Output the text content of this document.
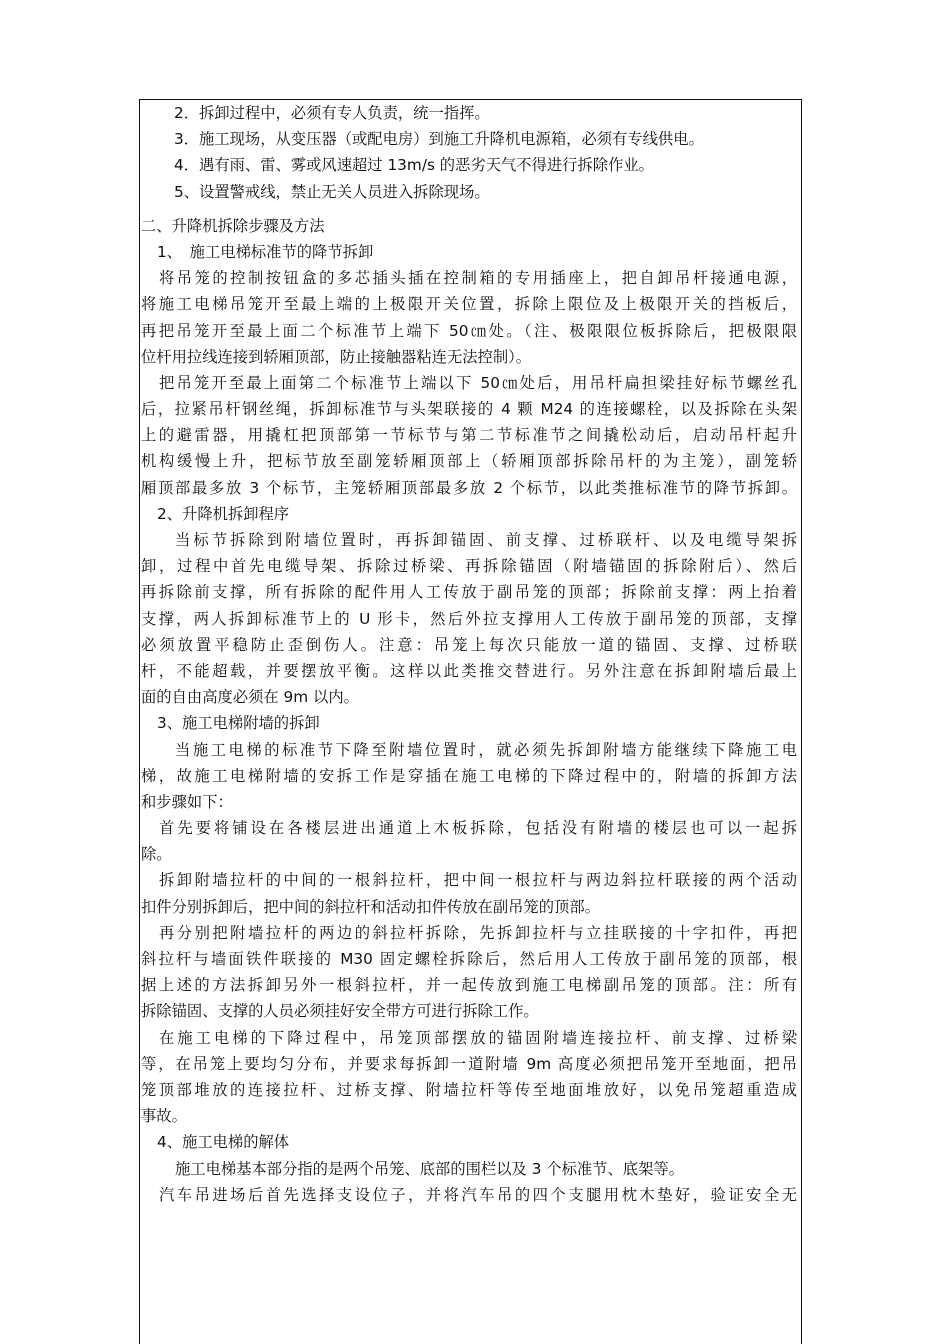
2．拆卸过程中，必须有专人负责，统一指挥。
3．施工现场，从变压器（或配电房）到施工升降机电源箱，必须有专线供电。
4．遇有雨、雷、雾或风速超过 13m/s 的恶劣天气不得进行拆除作业。
5、设置警戒线，禁止无关人员进入拆除现场。
二、升降机拆除步骤及方法
1、　施工电梯标准节的降节拆卸
将吊笼的控制按钮盒的多芯插头插在控制箱的专用插座上，把自卸吊杆接通电源，
将施工电梯吊笼开至最上端的上极限开关位置，拆除上限位及上极限开关的挡板后，
再把吊笼开至最上面二个标准节上端下 50㎝处。（注、极限限位板拆除后，把极限限
位杆用拉线连接到轿厢顶部，防止接触器粘连无法控制）。
把吊笼开至最上面第二个标准节上端以下 50㎝处后，用吊杆扁担梁挂好标节螺丝孔
后，拉紧吊杆钢丝绳，拆卸标准节与头架联接的 4 颗 M24 的连接螺栓，以及拆除在头架
上的避雷器，用撬杠把顶部第一节标节与第二节标准节之间撬松动后，启动吊杆起升
机构缓慢上升，把标节放至副笼轿厢顶部上（轿厢顶部拆除吊杆的为主笼），副笼轿
厢顶部最多放 3 个标节，主笼轿厢顶部最多放 2 个标节，以此类推标准节的降节拆卸。
2、升降机拆卸程序
当标节拆除到附墙位置时，再拆卸锚固、前支撑、过桥联杆、以及电缆导架拆
卸，过程中首先电缆导架、拆除过桥梁、再拆除锚固（附墙锚固的拆除附后）、然后
再拆除前支撑，所有拆除的配件用人工传放于副吊笼的顶部；拆除前支撑：两上抬着
支撑，两人拆卸标准节上的 U 形卡，然后外拉支撑用人工传放于副吊笼的顶部，支撑
必须放置平稳防止歪倒伤人。注意：吊笼上每次只能放一道的锚固、支撑、过桥联
杆，不能超载，并要摆放平衡。这样以此类推交替进行。另外注意在拆卸附墙后最上
面的自由高度必须在 9m 以内。
3、施工电梯附墙的拆卸
当施工电梯的标准节下降至附墙位置时，就必须先拆卸附墙方能继续下降施工电
梯，故施工电梯附墙的安拆工作是穿插在施工电梯的下降过程中的，附墙的拆卸方法
和步骤如下：
首先要将铺设在各楼层进出通道上木板拆除，包括没有附墙的楼层也可以一起拆
除。
拆卸附墙拉杆的中间的一根斜拉杆，把中间一根拉杆与两边斜拉杆联接的两个活动
扣件分别拆卸后，把中间的斜拉杆和活动扣件传放在副吊笼的顶部。
再分别把附墙拉杆的两边的斜拉杆拆除，先拆卸拉杆与立挂联接的十字扣件，再把
斜拉杆与墙面铁件联接的 M30 固定螺栓拆除后，然后用人工传放于副吊笼的顶部，根
据上述的方法拆卸另外一根斜拉杆，并一起传放到施工电梯副吊笼的顶部。注：所有
拆除锚固、支撑的人员必须挂好安全带方可进行拆除工作。
在施工电梯的下降过程中，吊笼顶部摆放的锚固附墙连接拉杆、前支撑、过桥梁
等，在吊笼上要均匀分布，并要求每拆卸一道附墙 9m 高度必须把吊笼开至地面，把吊
笼顶部堆放的连接拉杆、过桥支撑、附墙拉杆等传至地面堆放好，以免吊笼超重造成
事故。
4、施工电梯的解体
施工电梯基本部分指的是两个吊笼、底部的围栏以及 3 个标准节、底架等。
汽车吊进场后首先选择支设位子，并将汽车吊的四个支腿用枕木垫好，验证安全无
